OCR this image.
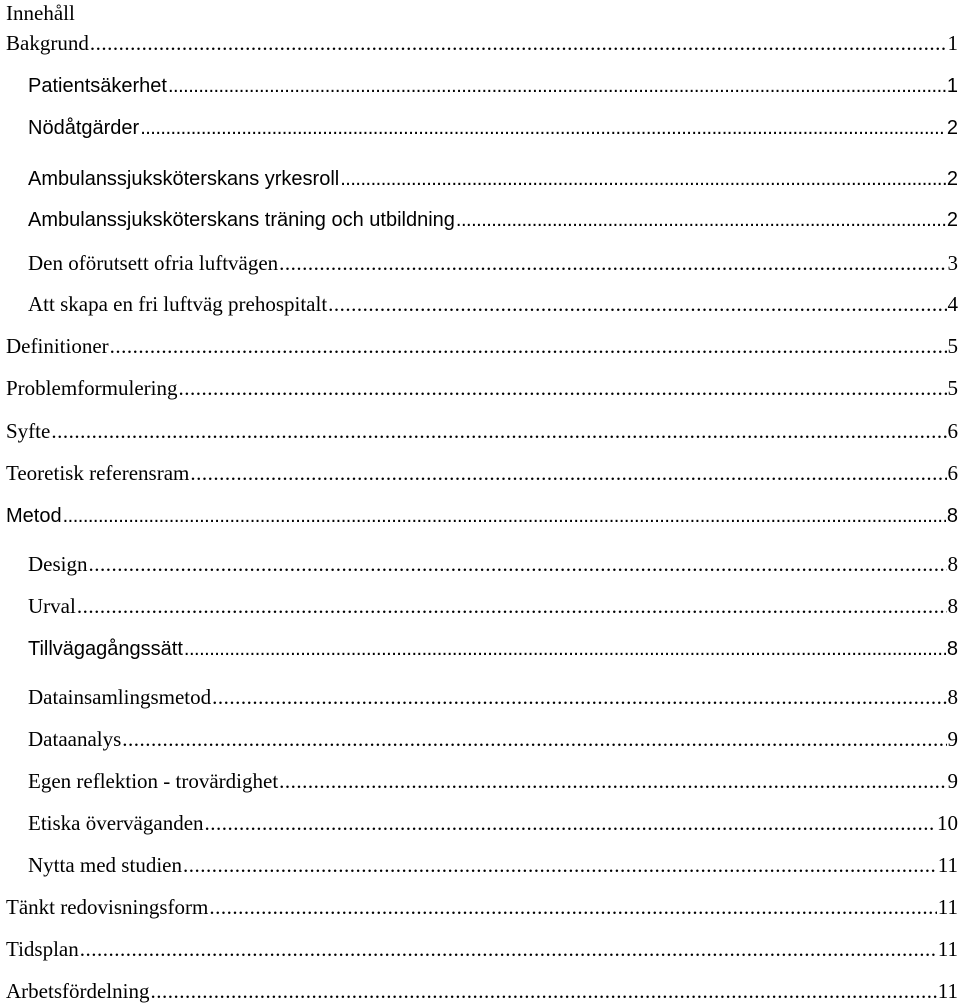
Innehåll
Bakgrund .....	1
Patientsäkerhet .....	1
Nödåtgärder .....	2
Ambulanssjuksköterskans yrkesroll .....	2
Ambulanssjuksköterskans träning och utbildning .....	2
Den oförutsett ofria luftvägen .....	3
Att skapa en fri luftväg prehospitalt .....	4
Definitioner .....	5
Problemformulering .....	5
Syfte .....	6
Teoretisk referensram .....	6
Metod .....	8
Design .....	8
Urval .....	8
Tillvägagångssätt .....	8
Datainsamlingsmetod .....	8
Dataanalys .....	9
Egen reflektion - trovärdighet .....	9
Etiska överväganden .....	10
Nytta med studien .....	11
Tänkt redovisningsform .....	11
Tidsplan .....	11
Arbetsfördelning .....	11
